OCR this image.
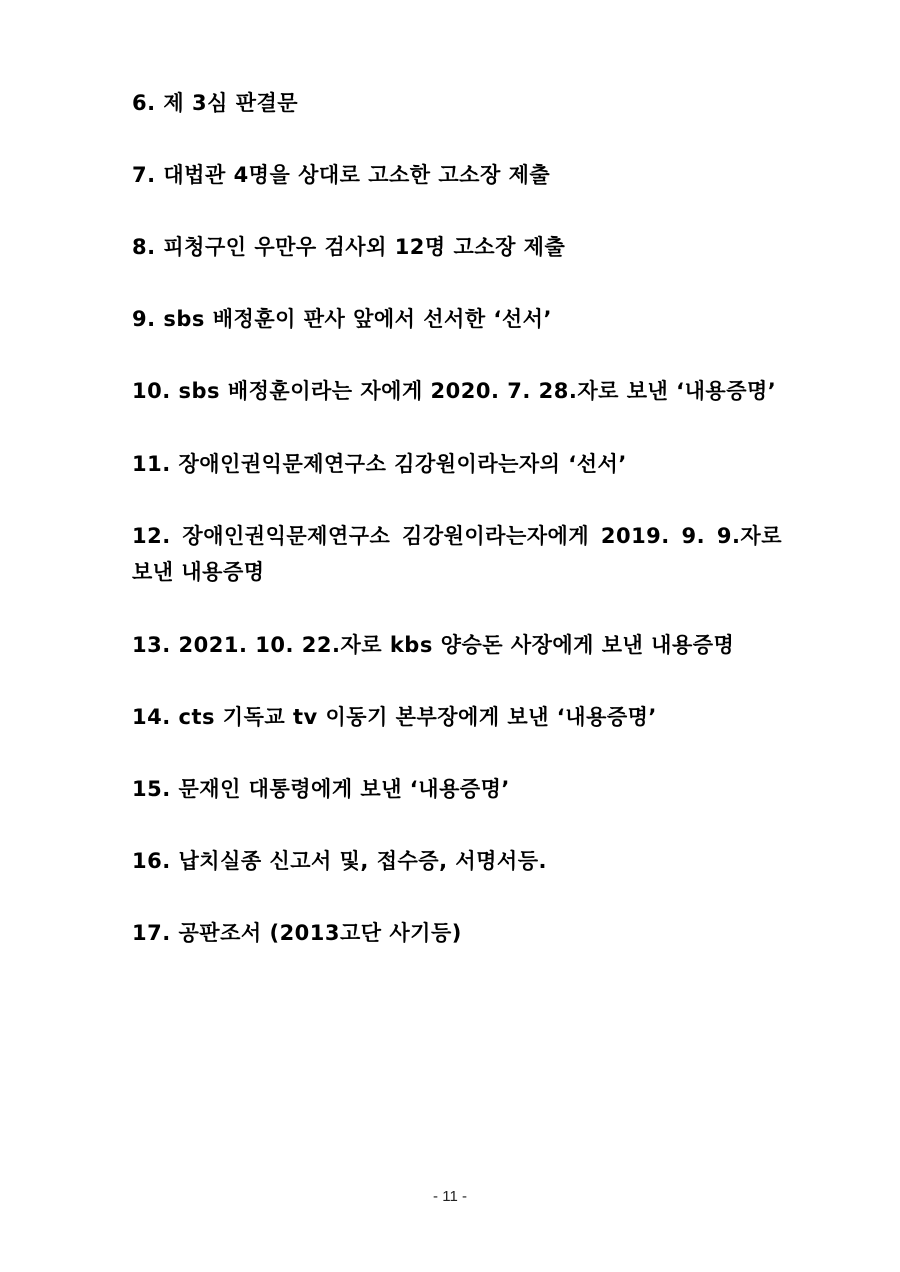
6. 제 3심 판결문
7. 대법관 4명을 상대로 고소한 고소장 제출
8. 피청구인 우만우 검사외 12명 고소장 제출
9. sbs 배정훈이 판사 앞에서 선서한 ‘선서’
10. sbs 배정훈이라는 자에게 2020. 7. 28.자로 보낸 ‘내용증명’
11. 장애인권익문제연구소 김강원이라는자의 ‘선서’
12. 장애인권익문제연구소 김강원이라는자에게 2019. 9. 9.자로 보낸 내용증명
13. 2021. 10. 22.자로 kbs 양승돈 사장에게 보낸 내용증명
14. cts 기독교 tv 이동기 본부장에게 보낸 ‘내용증명’
15. 문재인 대통령에게 보낸 ‘내용증명’
16. 납치실종 신고서 및, 접수증, 서명서등.
17. 공판조서 (2013고단 사기등)
- 11 -
